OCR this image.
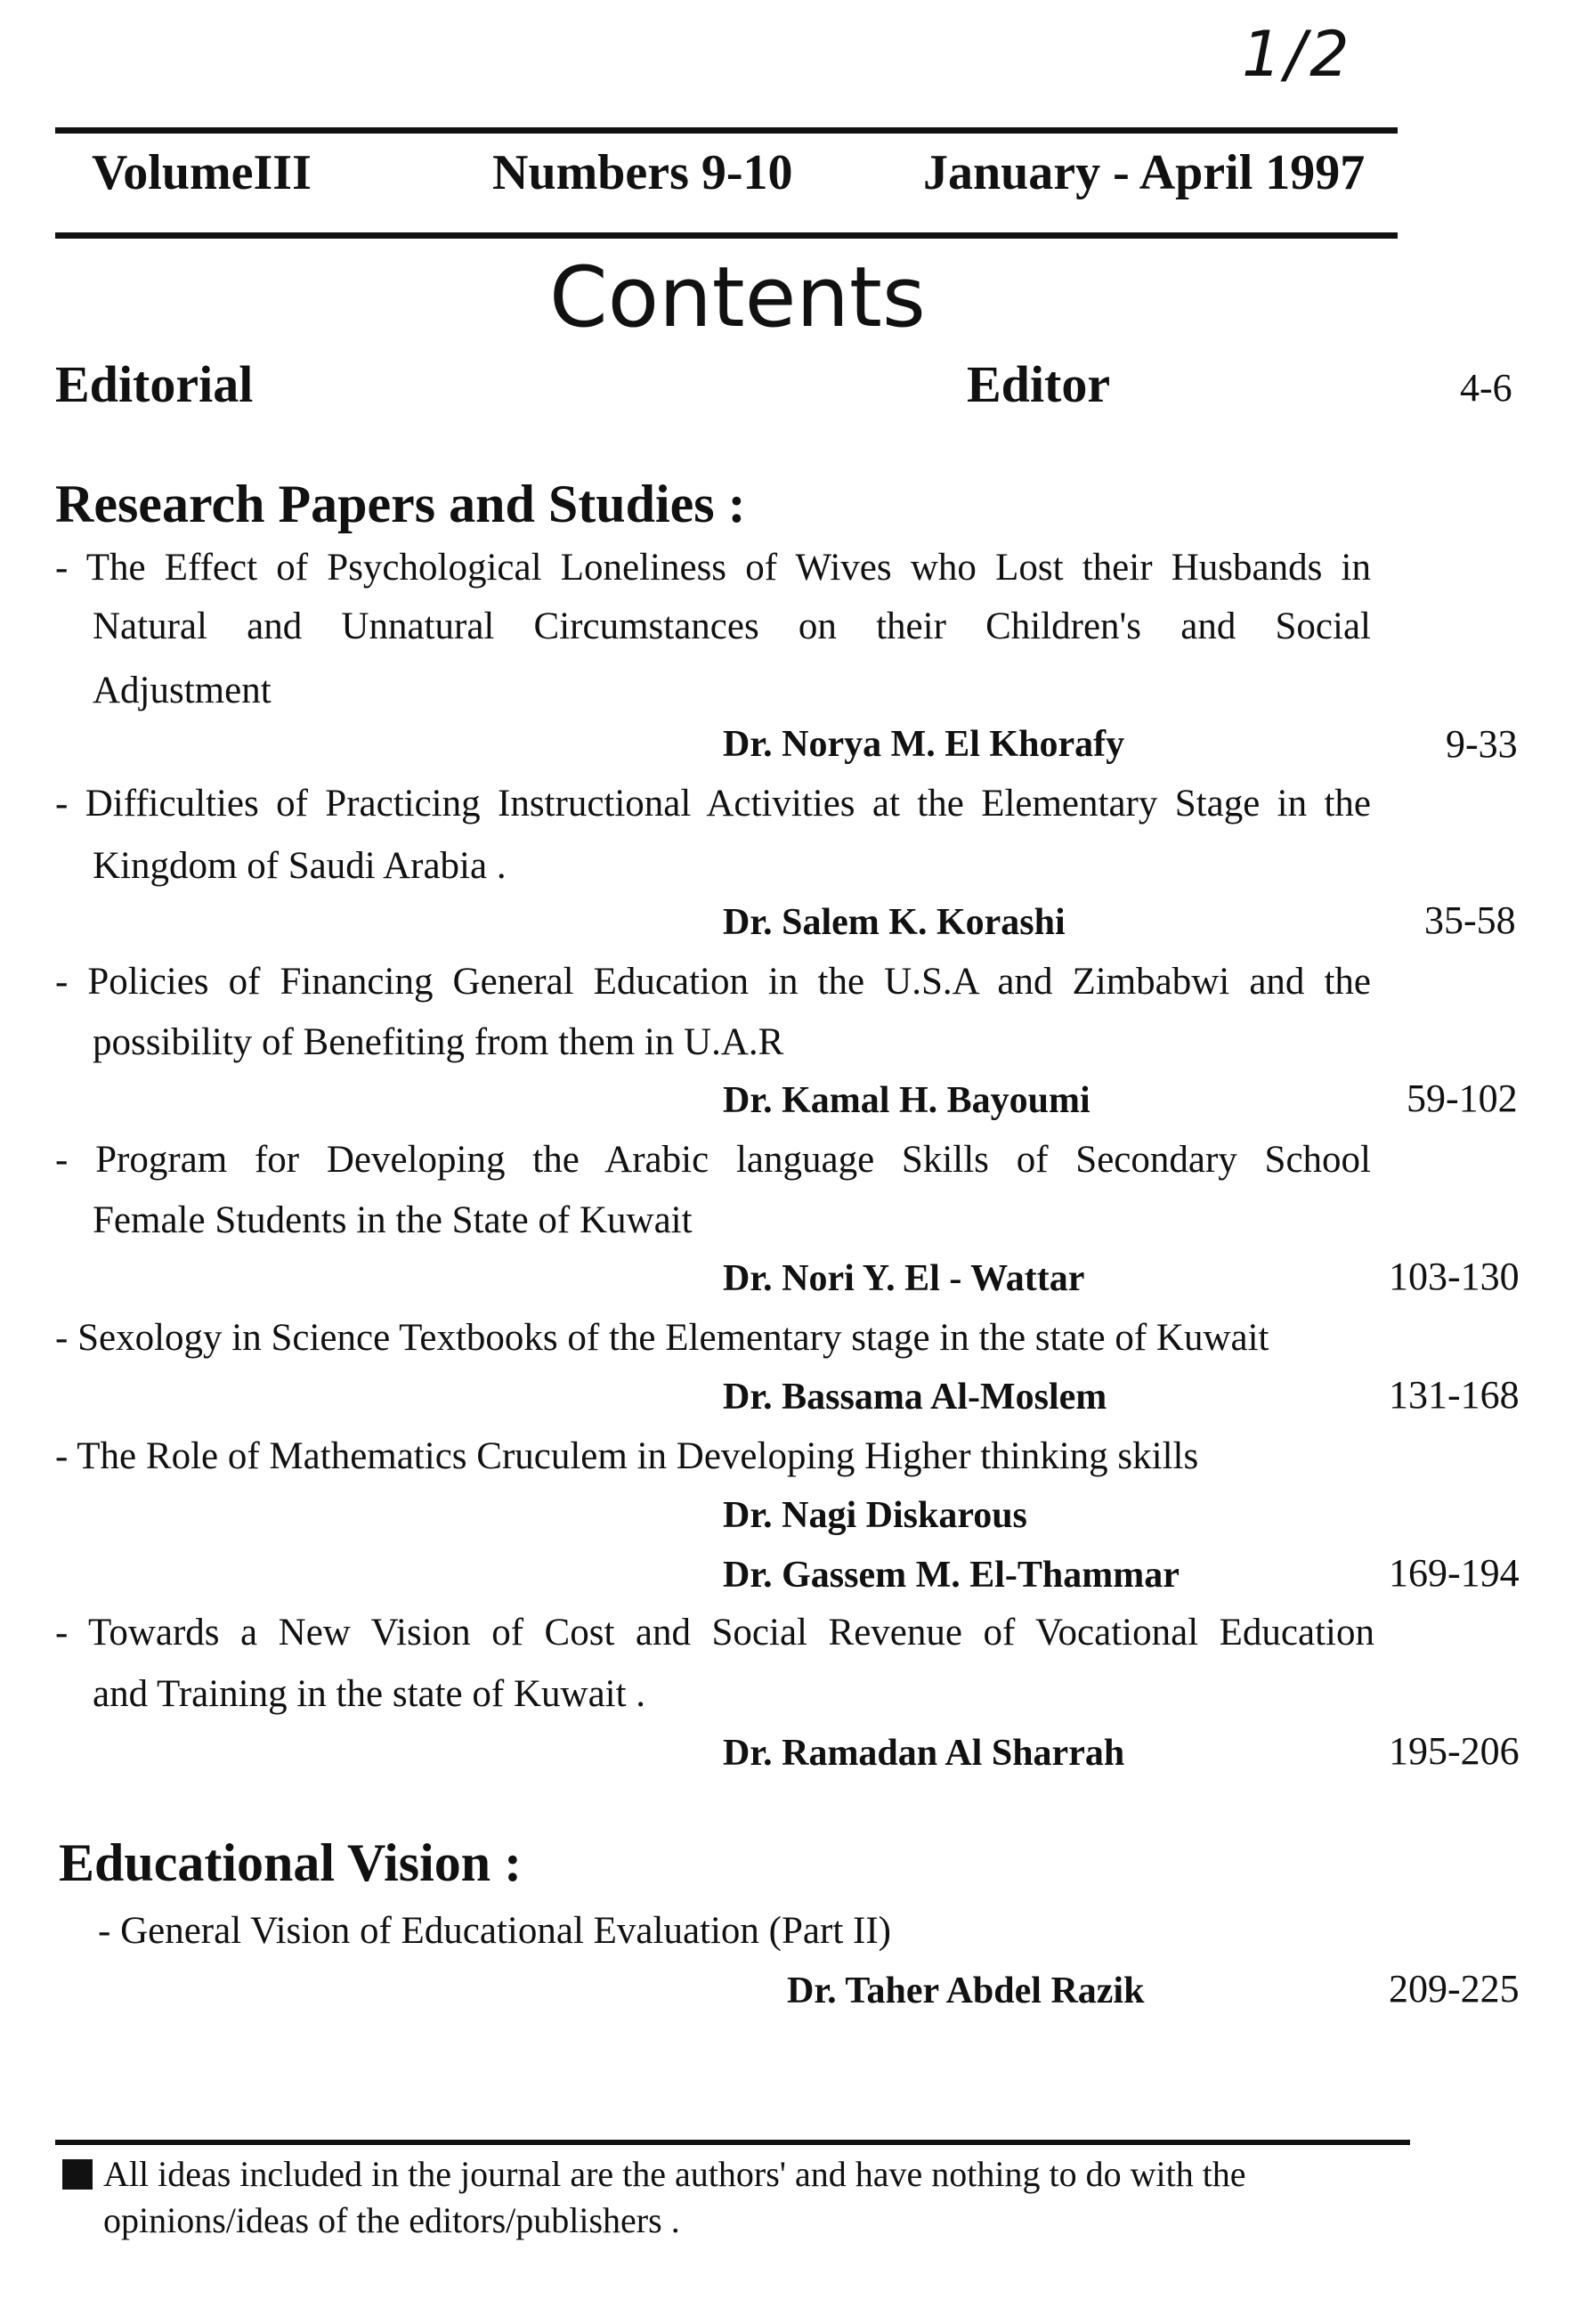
1/2
VolumeIII	Numbers 9-10	January - April 1997
Contents
Editorial	Editor	4-6
Research Papers and Studies :
- The Effect of Psychological Loneliness of Wives who Lost their Husbands in
Natural and Unnatural Circumstances on their Children's and Social
Adjustment
Dr. Norya M. El Khorafy	9-33
- Difficulties of Practicing Instructional Activities at the Elementary Stage in the
Kingdom of Saudi Arabia .
Dr. Salem K. Korashi	35-58
- Policies of Financing General Education in the U.S.A and Zimbabwi and the
possibility of Benefiting from them in U.A.R
Dr. Kamal H. Bayoumi	59-102
- Program for Developing the Arabic language Skills of Secondary School
Female Students in the State of Kuwait
Dr. Nori Y. El - Wattar	103-130
- Sexology in Science Textbooks of the Elementary stage in the state of Kuwait
Dr. Bassama Al-Moslem	131-168
- The Role of Mathematics Cruculem in Developing Higher thinking skills
Dr. Nagi Diskarous
Dr. Gassem M. El-Thammar	169-194
- Towards a New Vision of Cost and Social Revenue of Vocational Education
and Training in the state of Kuwait .
Dr. Ramadan Al Sharrah	195-206
Educational Vision :
- General Vision of Educational Evaluation (Part II)
Dr. Taher Abdel Razik	209-225
All ideas included in the journal are the authors' and have nothing to do with the
opinions/ideas of the editors/publishers .
